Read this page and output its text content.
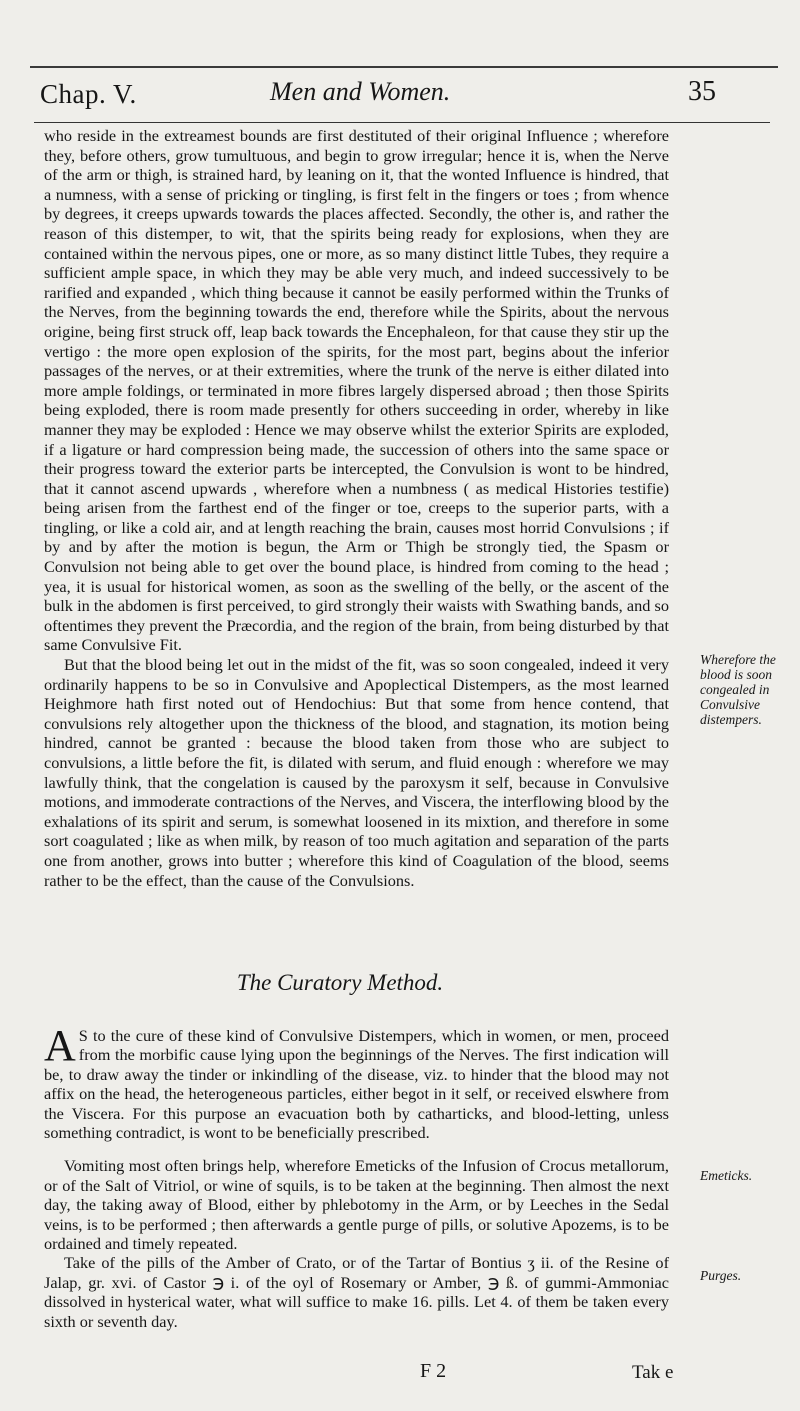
Chap. V.	Men and Women.	35

who reside in the extreamest bounds are first destituted of their original Influence ; wherefore they, before others, grow tumultuous, and begin to grow irregular; hence it is, when the Nerve of the arm or thigh, is strained hard, by leaning on it, that the wonted Influence is hindred, that a numness, with a sense of pricking or tingling, is first felt in the fingers or toes ; from whence by degrees, it creeps upwards towards the places affected. Secondly, the other is, and rather the reason of this distemper, to wit, that the spirits being ready for explosions, when they are contained within the nervous pipes, one or more, as so many distinct little Tubes, they require a sufficient ample space, in which they may be able very much, and indeed successively to be rarified and expanded , which thing because it cannot be easily performed within the Trunks of the Nerves, from the beginning towards the end, therefore while the Spirits, about the nervous origine, being first struck off, leap back towards the Encephaleon, for that cause they stir up the vertigo : the more open explosion of the spirits, for the most part, begins about the inferior passages of the nerves, or at their extremities, where the trunk of the nerve is either dilated into more ample foldings, or terminated in more fibres largely dispersed abroad ; then those Spirits being exploded, there is room made presently for others succeeding in order, whereby in like manner they may be exploded : Hence we may observe whilst the exterior Spirits are exploded, if a ligature or hard compression being made, the succession of others into the same space or their progress toward the exterior parts be intercepted, the Convulsion is wont to be hindred, that it cannot ascend upwards , wherefore when a numbness ( as medical Histories testifie) being arisen from the farthest end of the finger or toe, creeps to the superior parts, with a tingling, or like a cold air, and at length reaching the brain, causes most horrid Convulsions ; if by and by after the motion is begun, the Arm or Thigh be strongly tied, the Spasm or Convulsion not being able to get over the bound place, is hindred from coming to the head ; yea, it is usual for historical women, as soon as the swelling of the belly, or the ascent of the bulk in the abdomen is first perceived, to gird strongly their waists with Swathing bands, and so oftentimes they prevent the Præcordia, and the region of the brain, from being disturbed by that same Convulsive Fit.

But that the blood being let out in the midst of the fit, was so soon congealed, indeed it very ordinarily happens to be so in Convulsive and Apoplectical Distempers, as the most learned Heighmore hath first noted out of Hendochius: But that some from hence contend, that convulsions rely altogether upon the thickness of the blood, and stagnation, its motion being hindred, cannot be granted : because the blood taken from those who are subject to convulsions, a little before the fit, is dilated with serum, and fluid enough : wherefore we may lawfully think, that the congelation is caused by the paroxysm it self, because in Convulsive motions, and immoderate contractions of the Nerves, and Viscera, the interflowing blood by the exhalations of its spirit and serum, is somewhat loosened in its mixtion, and therefore in some sort coagulated ; like as when milk, by reason of too much agitation and separation of the parts one from another, grows into butter ; wherefore this kind of Coagulation of the blood, seems rather to be the effect, than the cause of the Convulsions.

Wherefore the blood is soon congealed in Convulsive distempers.
The Curatory Method.

A S to the cure of these kind of Convulsive Distempers, which in women, or men, proceed from the morbific cause lying upon the beginnings of the Nerves. The first indication will be, to draw away the tinder or inkindling of the disease, viz. to hinder that the blood may not affix on the head, the heterogeneous particles, either begot in it self, or received elswhere from the Viscera. For this purpose an evacuation both by catharticks, and blood-letting, unless something contradict, is wont to be beneficially prescribed.

Vomiting most often brings help, wherefore Emeticks of the Infusion of Crocus metallorum, or of the Salt of Vitriol, or wine of squils, is to be taken at the beginning. Then almost the next day, the taking away of Blood, either by phlebotomy in the Arm, or by Leeches in the Sedal veins, is to be performed ; then afterwards a gentle purge of pills, or solutive Apozems, is to be ordained and timely repeated.

Take of the pills of the Amber of Crato, or of the Tartar of Bontius ʒ ii. of the Resine of Jalap, gr. xvi. of Castor ℈ i. of the oyl of Rosemary or Amber, ℈ ß. of gummi-Ammoniac dissolved in hysterical water, what will suffice to make 16. pills. Let 4. of them be taken every sixth or seventh day.

Emeticks.
Purges.
F 2	Tak e
